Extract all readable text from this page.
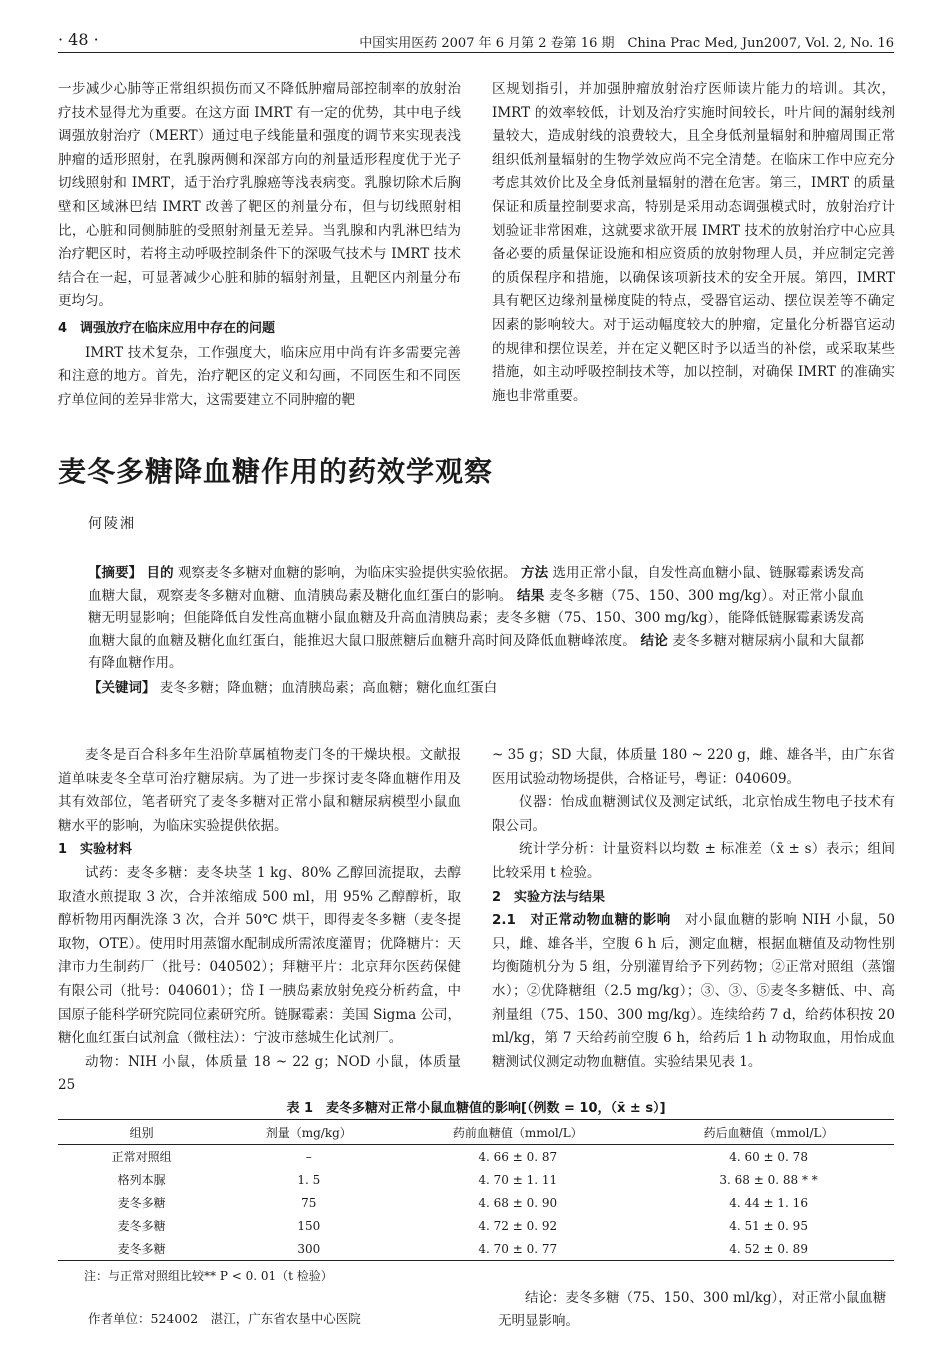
· 48 ·	中国实用医药 2007 年 6 月第 2 卷第 16 期　China Prac Med, Jun2007, Vol. 2, No. 16

一步减少心肺等正常组织损伤而又不降低肿瘤局部控制率的放射治疗技术显得尤为重要。在这方面 IMRT 有一定的优势，其中电子线调强放射治疗（MERT）通过电子线能量和强度的调节来实现表浅肿瘤的适形照射，在乳腺两侧和深部方向的剂量适形程度优于光子切线照射和 IMRT，适于治疗乳腺癌等浅表病变。乳腺切除术后胸壁和区域淋巴结 IMRT 改善了靶区的剂量分布，但与切线照射相比，心脏和同侧肺脏的受照射剂量无差异。当乳腺和内乳淋巴结为治疗靶区时，若将主动呼吸控制条件下的深吸气技术与 IMRT 技术结合在一起，可显著减少心脏和肺的辐射剂量，且靶区内剂量分布更均匀。

4　调强放疗在临床应用中存在的问题

IMRT 技术复杂，工作强度大，临床应用中尚有许多需要完善和注意的地方。首先，治疗靶区的定义和勾画，不同医生和不同医疗单位间的差异非常大，这需要建立不同肿瘤的靶

区规划指引，并加强肿瘤放射治疗医师读片能力的培训。其次，IMRT 的效率较低，计划及治疗实施时间较长，叶片间的漏射线剂量较大，造成射线的浪费较大，且全身低剂量辐射和肿瘤周围正常组织低剂量辐射的生物学效应尚不完全清楚。在临床工作中应充分考虑其效价比及全身低剂量辐射的潜在危害。第三，IMRT 的质量保证和质量控制要求高，特别是采用动态调强模式时，放射治疗计划验证非常困难，这就要求欲开展 IMRT 技术的放射治疗中心应具备必要的质量保证设施和相应资质的放射物理人员，并应制定完善的质保程序和措施，以确保该项新技术的安全开展。第四，IMRT 具有靶区边缘剂量梯度陡的特点，受器官运动、摆位误差等不确定因素的影响较大。对于运动幅度较大的肿瘤，定量化分析器官运动的规律和摆位误差，并在定义靶区时予以适当的补偿，或采取某些措施，如主动呼吸控制技术等，加以控制，对确保 IMRT 的准确实施也非常重要。

麦冬多糖降血糖作用的药效学观察
何陵湘

【摘要】 目的 观察麦冬多糖对血糖的影响，为临床实验提供实验依据。 方法 选用正常小鼠，自发性高血糖小鼠、链脲霉素诱发高血糖大鼠，观察麦冬多糖对血糖、血清胰岛素及糖化血红蛋白的影响。 结果 麦冬多糖（75、150、300 mg/kg）。对正常小鼠血糖无明显影响；但能降低自发性高血糖小鼠血糖及升高血清胰岛素；麦冬多糖（75、150、300 mg/kg），能降低链脲霉素诱发高血糖大鼠的血糖及糖化血红蛋白，能推迟大鼠口服蔗糖后血糖升高时间及降低血糖峰浓度。 结论 麦冬多糖对糖尿病小鼠和大鼠都有降血糖作用。

【关键词】 麦冬多糖；降血糖；血清胰岛素；高血糖；糖化血红蛋白

麦冬是百合科多年生沿阶草属植物麦门冬的干燥块根。文献报道单味麦冬全草可治疗糖尿病。为了进一步探讨麦冬降血糖作用及其有效部位，笔者研究了麦冬多糖对正常小鼠和糖尿病模型小鼠血糖水平的影响，为临床实验提供依据。

1　实验材料

试药：麦冬多糖：麦冬块茎 1 kg、80% 乙醇回流提取，去醇取渣水煎提取 3 次，合并浓缩成 500 ml，用 95% 乙醇醇析，取醇析物用丙酮洗涤 3 次，合并 50℃ 烘干，即得麦冬多糖（麦冬提取物，OTE）。使用时用蒸馏水配制成所需浓度灌胃；优降糖片：天津市力生制药厂（批号：040502）；拜糖平片：北京拜尔医药保健有限公司（批号：040601）；岱 I 一胰岛素放射免疫分析药盒，中国原子能科学研究院同位素研究所。链脲霉素：美国 Sigma 公司，糖化血红蛋白试剂盒（微柱法）：宁波市慈城生化试剂厂。

动物：NIH 小鼠，体质量 18 ~ 22 g；NOD 小鼠，体质量 25

~ 35 g；SD 大鼠，体质量 180 ~ 220 g，雌、雄各半，由广东省医用试验动物场提供，合格证号，粤证：040609。

仪器：怡成血糖测试仪及测定试纸，北京怡成生物电子技术有限公司。

统计学分析：计量资料以均数 ± 标准差（x̄ ± s）表示；组间比较采用 t 检验。

2　实验方法与结果

2.1　对正常动物血糖的影响　 对小鼠血糖的影响 NIH 小鼠，50 只，雌、雄各半，空腹 6 h 后，测定血糖，根据血糖值及动物性别均衡随机分为 5 组，分别灌胃给予下列药物；②正常对照组（蒸馏水）；②优降糖组（2.5 mg/kg）；③、③、⑤麦冬多糖低、中、高剂量组（75、150、300 mg/kg）。连续给药 7 d，给药体积按 20 ml/kg，第 7 天给药前空腹 6 h，给药后 1 h 动物取血，用怡成血糖测试仪测定动物血糖值。实验结果见表 1。

表 1　麦冬多糖对正常小鼠血糖值的影响[（例数 = 10，（x̄ ± s）]
组别	剂量（mg/kg）	药前血糖值（mmol/L）	药后血糖值（mmol/L）
正常对照组	–	4. 66 ± 0. 87	4. 60 ± 0. 78
格列本脲	1. 5	4. 70 ± 1. 11	3. 68 ± 0. 88 * *
麦冬多糖	75	4. 68 ± 0. 90	4. 44 ± 1. 16
麦冬多糖	150	4. 72 ± 0. 92	4. 51 ± 0. 95
麦冬多糖	300	4. 70 ± 0. 77	4. 52 ± 0. 89
注：与正常对照组比较** P < 0. 01（t 检验）

结论：麦冬多糖（75、150、300 ml/kg），对正常小鼠血糖无明显影响。

作者单位：524002　湛江，广东省农垦中心医院
